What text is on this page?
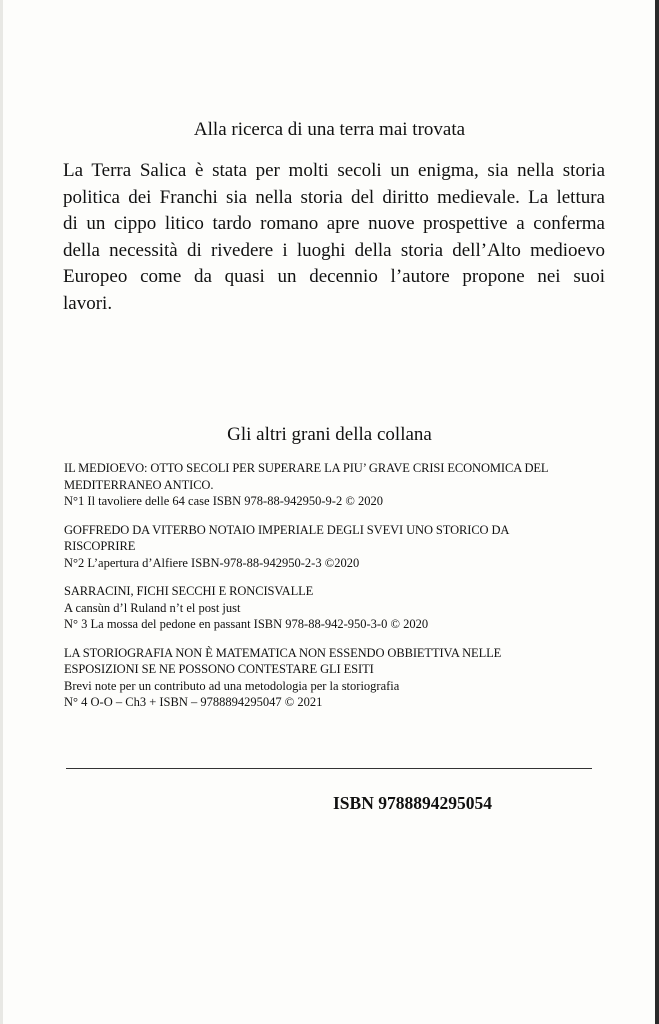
Alla ricerca di una terra mai trovata
La Terra Salica è stata per molti secoli un enigma, sia nella storia
politica dei Franchi sia nella storia del diritto medievale. La lettura
di un cippo litico tardo romano apre nuove prospettive a conferma
della necessità di rivedere i luoghi della storia dell’Alto medioevo
Europeo come da quasi un decennio l’autore propone nei suoi
lavori.
Gli altri grani della collana
IL MEDIOEVO: OTTO SECOLI PER SUPERARE LA PIU’ GRAVE CRISI ECONOMICA DEL
MEDITERRANEO ANTICO.
N°1 Il tavoliere delle 64 case ISBN 978-88-942950-9-2 © 2020
GOFFREDO DA VITERBO NOTAIO IMPERIALE DEGLI SVEVI UNO STORICO DA
RISCOPRIRE
N°2 L’apertura d’Alfiere ISBN-978-88-942950-2-3 ©2020
SARRACINI, FICHI SECCHI E RONCISVALLE
A cansùn d’l Ruland n’t el post just
N° 3 La mossa del pedone en passant ISBN 978-88-942-950-3-0 © 2020
LA STORIOGRAFIA NON È MATEMATICA NON ESSENDO OBBIETTIVA NELLE
ESPOSIZIONI SE NE POSSONO CONTESTARE GLI ESITI
Brevi note per un contributo ad una metodologia per la storiografia
N° 4 O-O – Ch3 + ISBN – 9788894295047 © 2021
ISBN 9788894295054
